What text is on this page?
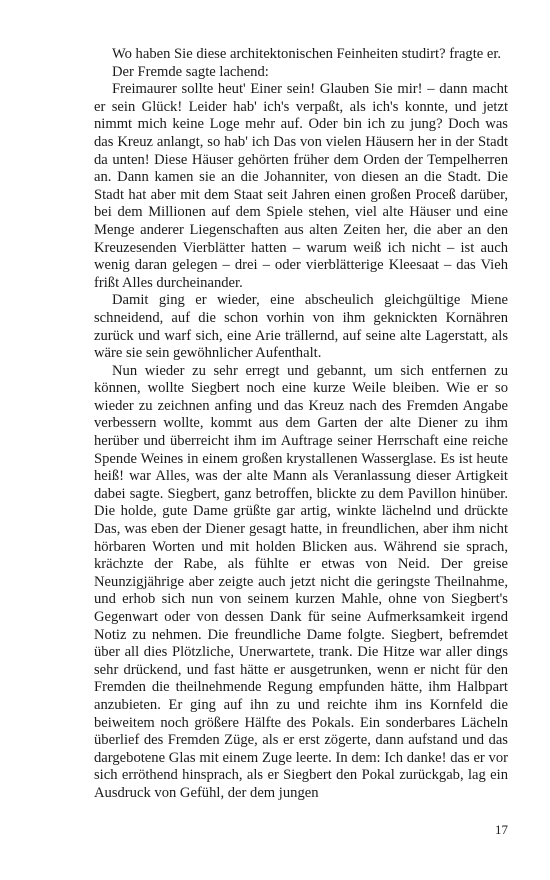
Wo haben Sie diese architektonischen Feinheiten studirt? fragte er.

Der Fremde sagte lachend:

Freimaurer sollte heut' Einer sein! Glauben Sie mir! – dann macht er sein Glück! Leider hab' ich's verpaßt, als ich's konnte, und jetzt nimmt mich keine Loge mehr auf. Oder bin ich zu jung? Doch was das Kreuz anlangt, so hab' ich Das von vielen Häusern her in der Stadt da unten! Diese Häuser gehörten früher dem Orden der Tempelherren an. Dann kamen sie an die Johanniter, von diesen an die Stadt. Die Stadt hat aber mit dem Staat seit Jahren einen großen Proceß darüber, bei dem Millionen auf dem Spiele stehen, viel alte Häuser und eine Menge anderer Liegenschaften aus alten Zeiten her, die aber an den Kreuzesenden Vierblätter hatten – warum weiß ich nicht – ist auch wenig daran gelegen – drei – oder vierblätterige Kleesaat – das Vieh frißt Alles durcheinander.

Damit ging er wieder, eine abscheulich gleichgültige Miene schneidend, auf die schon vorhin von ihm geknickten Kornähren zurück und warf sich, eine Arie trällernd, auf seine alte Lagerstatt, als wäre sie sein gewöhnlicher Aufenthalt.

Nun wieder zu sehr erregt und gebannt, um sich entfernen zu können, wollte Siegbert noch eine kurze Weile bleiben. Wie er so wieder zu zeichnen anfing und das Kreuz nach des Fremden Angabe verbessern wollte, kommt aus dem Garten der alte Diener zu ihm herüber und überreicht ihm im Auftrage seiner Herrschaft eine reiche Spende Weines in einem großen krystallenen Wasserglase. Es ist heute heiß! war Alles, was der alte Mann als Veranlassung dieser Artigkeit dabei sagte. Siegbert, ganz betroffen, blickte zu dem Pavillon hinüber. Die holde, gute Dame grüßte gar artig, winkte lächelnd und drückte Das, was eben der Diener gesagt hatte, in freundlichen, aber ihm nicht hörbaren Worten und mit holden Blicken aus. Während sie sprach, krächzte der Rabe, als fühlte er etwas von Neid. Der greise Neunzigjährige aber zeigte auch jetzt nicht die geringste Theilnahme, und erhob sich nun von seinem kurzen Mahle, ohne von Siegbert's Gegenwart oder von dessen Dank für seine Aufmerksamkeit irgend Notiz zu nehmen. Die freundliche Dame folgte. Siegbert, befremdet über all dies Plötzliche, Unerwartete, trank. Die Hitze war aller dings sehr drückend, und fast hätte er ausgetrunken, wenn er nicht für den Fremden die theilnehmende Regung empfunden hätte, ihm Halbpart anzubieten. Er ging auf ihn zu und reichte ihm ins Kornfeld die beiweitem noch größere Hälfte des Pokals. Ein sonderbares Lächeln überlief des Fremden Züge, als er erst zögerte, dann aufstand und das dargebotene Glas mit einem Zuge leerte. In dem: Ich danke! das er vor sich erröthend hinsprach, als er Siegbert den Pokal zurückgab, lag ein Ausdruck von Gefühl, der dem jungen

17
